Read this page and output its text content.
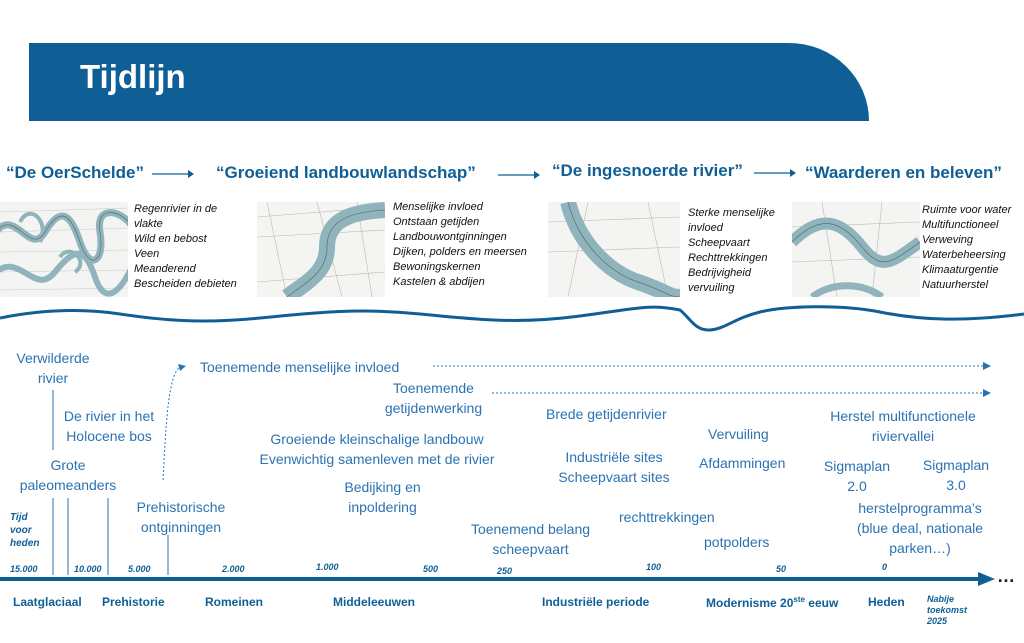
Tijdlijn
“De OerSchelde”	“Groeiend landbouwlandschap”	“De ingesnoerde rivier”	“Waarderen en beleven”
Regenrivier in de
vlakte
Wild en bebost
Veen
Meanderend
Bescheiden debieten
Menselijke invloed
Ontstaan getijden
Landbouwontginningen
Dijken, polders en meersen
Bewoningskernen
Kastelen & abdijen
Sterke menselijke
invloed
Scheepvaart
Rechttrekkingen
Bedrijvigheid
vervuiling
Ruimte voor water
Multifunctioneel
Verweving
Waterbeheersing
Klimaaturgentie
Natuurherstel
Verwilderde
rivier
De rivier in het
Holocene bos
Grote
paleomeanders
Prehistorische
ontginningen
Toenemende menselijke invloed
Toenemende
getijdenwerking
Groeiende kleinschalige landbouw
Evenwichtig samenleven met de rivier
Bedijking en
inpoldering
Brede getijdenrivier
Industriële sites
Scheepvaart sites
Toenemend belang
scheepvaart
Vervuiling
Afdammingen
rechttrekkingen
potpolders
Herstel multifunctionele
riviervallei
Sigmaplan
2.0
Sigmaplan
3.0
herstelprogramma’s
(blue deal, nationale
parken…)
Tijd
voor
heden
15.000	10.000	5.000	2.000	1.000	500	250	100	50	0	…
Laatglaciaal Prehistorie	Romeinen	Middeleeuwen	Industriële periode	Modernisme 20ste eeuw Heden Nabije
toekomst
2025
